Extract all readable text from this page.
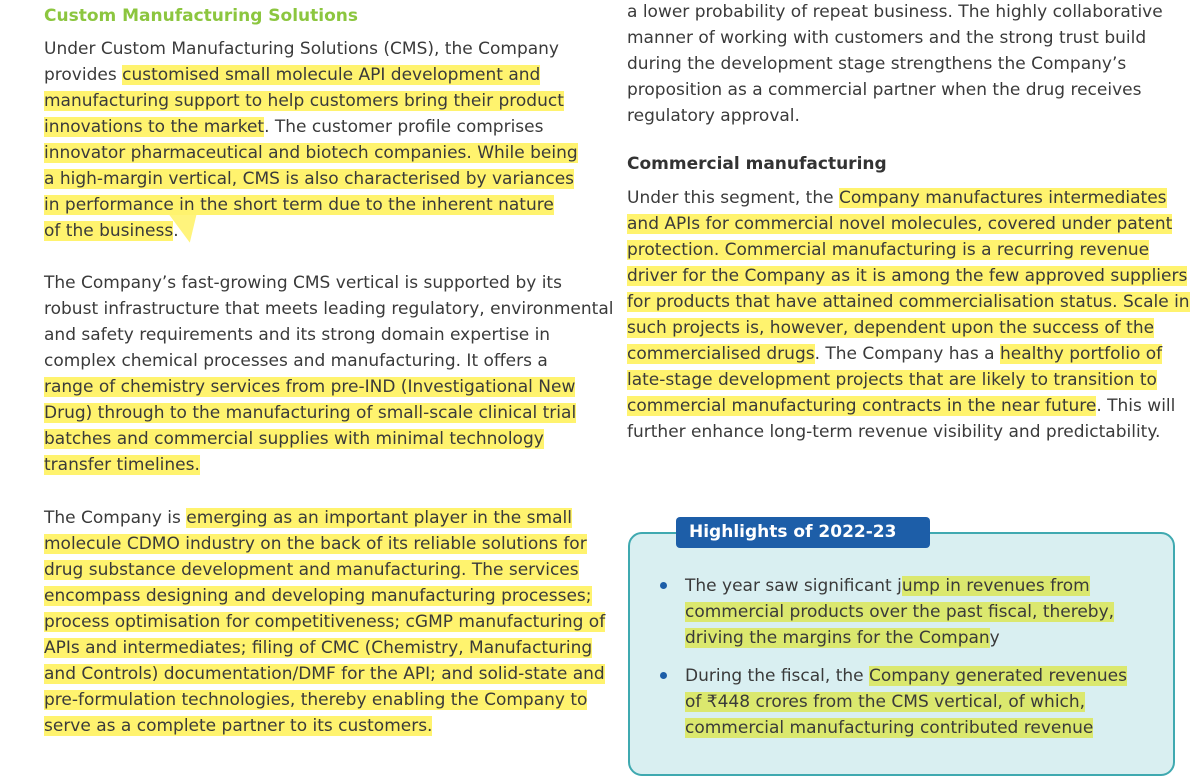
Custom Manufacturing Solutions

Under Custom Manufacturing Solutions (CMS), the Company
provides customised small molecule API development and
manufacturing support to help customers bring their product
innovations to the market. The customer profile comprises
innovator pharmaceutical and biotech companies. While being
a high-margin vertical, CMS is also characterised by variances
in performance in the short term due to the inherent nature
of the business.

The Company’s fast-growing CMS vertical is supported by its
robust infrastructure that meets leading regulatory, environmental
and safety requirements and its strong domain expertise in
complex chemical processes and manufacturing. It offers a
range of chemistry services from pre-IND (Investigational New
Drug) through to the manufacturing of small-scale clinical trial
batches and commercial supplies with minimal technology
transfer timelines.

The Company is emerging as an important player in the small
molecule CDMO industry on the back of its reliable solutions for
drug substance development and manufacturing. The services
encompass designing and developing manufacturing processes;
process optimisation for competitiveness; cGMP manufacturing of
APIs and intermediates; filing of CMC (Chemistry, Manufacturing
and Controls) documentation/DMF for the API; and solid-state and
pre-formulation technologies, thereby enabling the Company to
serve as a complete partner to its customers.

a lower probability of repeat business. The highly collaborative
manner of working with customers and the strong trust build
during the development stage strengthens the Company’s
proposition as a commercial partner when the drug receives
regulatory approval.

Commercial manufacturing

Under this segment, the Company manufactures intermediates
and APIs for commercial novel molecules, covered under patent
protection. Commercial manufacturing is a recurring revenue
driver for the Company as it is among the few approved suppliers
for products that have attained commercialisation status. Scale in
such projects is, however, dependent upon the success of the
commercialised drugs. The Company has a healthy portfolio of
late-stage development projects that are likely to transition to
commercial manufacturing contracts in the near future. This will
further enhance long-term revenue visibility and predictability.

Highlights of 2022-23
The year saw significant jump in revenues from
commercial products over the past fiscal, thereby,
driving the margins for the Company
During the fiscal, the Company generated revenues
of ₹448 crores from the CMS vertical, of which,
commercial manufacturing contributed revenue
